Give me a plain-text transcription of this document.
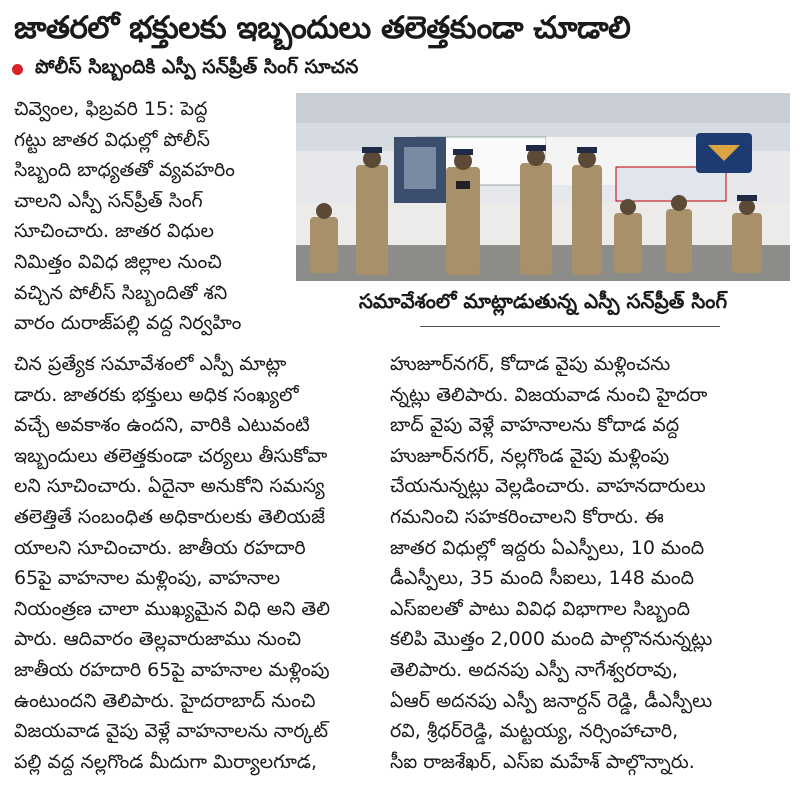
జాతరలో భక్తులకు ఇబ్బందులు తలెత్తకుండా చూడాలి
పోలీస్ సిబ్బందికి ఎస్పీ సన్‌ప్రీత్ సింగ్ సూచన
చివ్వెంల, ఫిబ్రవరి 15: పెద్ద
గట్టు జాతర విధుల్లో పోలీస్
సిబ్బంది బాధ్యతతో వ్యవహరిం
చాలని ఎస్పీ సన్‌ప్రీత్ సింగ్
సూచించారు. జాతర విధుల
నిమిత్తం వివిధ జిల్లాల నుంచి
వచ్చిన పోలీస్ సిబ్బందితో శని
వారం దురాజ్‌పల్లి వద్ద నిర్వహిం
సమావేశంలో మాట్లాడుతున్న ఎస్పీ సన్‌ప్రీత్ సింగ్
చిన ప్రత్యేక సమావేశంలో ఎస్పీ మాట్లా
డారు. జాతరకు భక్తులు అధిక సంఖ్యలో
వచ్చే అవకాశం ఉందని, వారికి ఎటువంటి
ఇబ్బందులు తలెత్తకుండా చర్యలు తీసుకోవా
లని సూచించారు. ఏదైనా అనుకోని సమస్య
తలెత్తితే సంబంధిత అధికారులకు తెలియజే
యాలని సూచించారు. జాతీయ రహదారి
65పై వాహనాల మళ్లింపు, వాహనాల
నియంత్రణ చాలా ముఖ్యమైన విధి అని తెలి
పారు. ఆదివారం తెల్లవారుజాము నుంచి
జాతీయ రహదారి 65పై వాహనాల మళ్లింపు
ఉంటుందని తెలిపారు. హైదరాబాద్ నుంచి
విజయవాడ వైపు వెళ్లే వాహనాలను నార్కట్
పల్లి వద్ద నల్లగొండ మీదుగా మిర్యాలగూడ,
హుజూర్‌నగర్, కోదాడ వైపు మళ్లించను
న్నట్లు తెలిపారు. విజయవాడ నుంచి హైదరా
బాద్ వైపు వెళ్లే వాహనాలను కోదాడ వద్ద
హుజూర్‌నగర్, నల్లగొండ వైపు మళ్లింపు
చేయనున్నట్లు వెల్లడించారు. వాహనదారులు
గమనించి సహకరించాలని కోరారు. ఈ
జాతర విధుల్లో ఇద్దరు ఏఎస్పీలు, 10 మంది
డీఎస్పీలు, 35 మంది సీఐలు, 148 మంది
ఎస్ఐలతో పాటు వివిధ విభాగాల సిబ్బంది
కలిపి మొత్తం 2,000 మంది పాల్గొననున్నట్లు
తెలిపారు. అదనపు ఎస్పీ నాగేశ్వరరావు,
ఏఆర్ అదనపు ఎస్పీ జనార్దన్ రెడ్డి, డీఎస్పీలు
రవి, శ్రీధర్‌రెడ్డి, మట్టయ్య, నర్సింహాచారి,
సీఐ రాజశేఖర్, ఎస్ఐ మహేశ్ పాల్గొన్నారు.
